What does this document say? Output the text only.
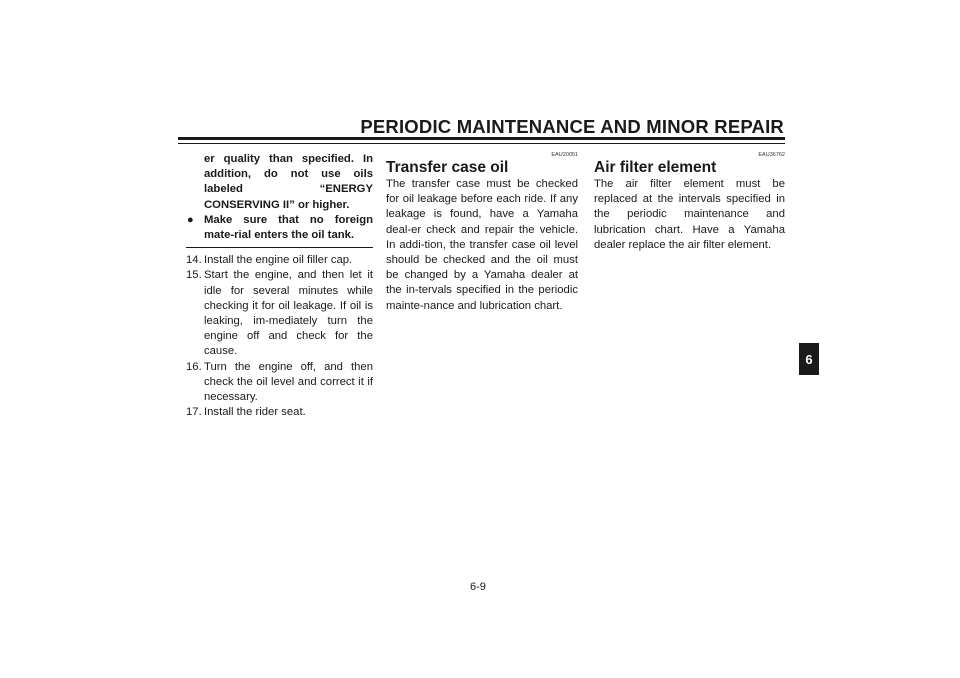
PERIODIC MAINTENANCE AND MINOR REPAIR
6
er quality than specified. In addition, do not use oils labeled “ENERGY CONSERVING II” or higher.
● Make sure that no foreign mate-rial enters the oil tank.
14. Install the engine oil filler cap.
15. Start the engine, and then let it idle for several minutes while checking it for oil leakage. If oil is leaking, im-mediately turn the engine off and check for the cause.
16. Turn the engine off, and then check the oil level and correct it if necessary.
17. Install the rider seat.
EAU20051
Transfer case oil
The transfer case must be checked for oil leakage before each ride. If any leakage is found, have a Yamaha deal-er check and repair the vehicle. In addi-tion, the transfer case oil level should be checked and the oil must be changed by a Yamaha dealer at the in-tervals specified in the periodic mainte-nance and lubrication chart.
EAU36762
Air filter element
The air filter element must be replaced at the intervals specified in the periodic maintenance and lubrication chart. Have a Yamaha dealer replace the air filter element.
6-9
